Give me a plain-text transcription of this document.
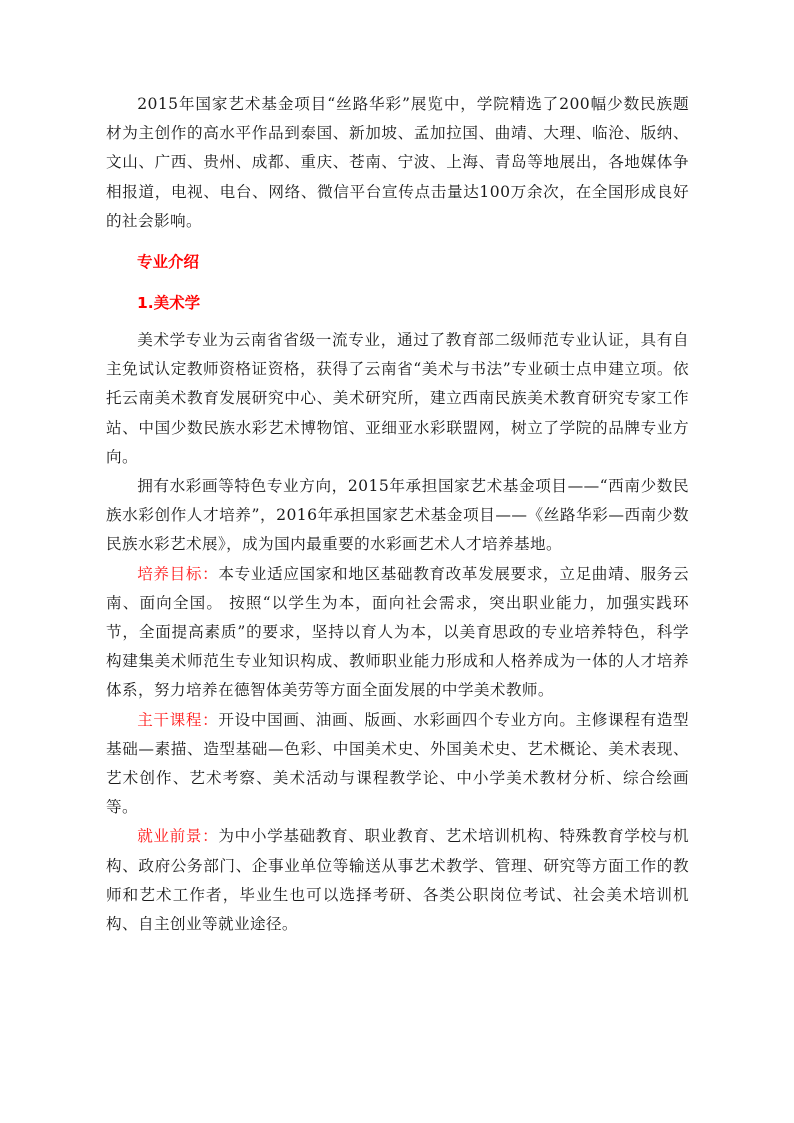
2015年国家艺术基金项目“丝路华彩”展览中，学院精选了200幅少数民族题材为主创作的高水平作品到泰国、新加坡、孟加拉国、曲靖、大理、临沧、版纳、文山、广西、贵州、成都、重庆、苍南、宁波、上海、青岛等地展出，各地媒体争相报道，电视、电台、网络、微信平台宣传点击量达100万余次，在全国形成良好的社会影响。

专业介绍
1.美术学

美术学专业为云南省省级一流专业，通过了教育部二级师范专业认证，具有自主免试认定教师资格证资格，获得了云南省“美术与书法”专业硕士点申建立项。依托云南美术教育发展研究中心、美术研究所，建立西南民族美术教育研究专家工作站、中国少数民族水彩艺术博物馆、亚细亚水彩联盟网，树立了学院的品牌专业方向。

拥有水彩画等特色专业方向，2015年承担国家艺术基金项目——“西南少数民族水彩创作人才培养”，2016年承担国家艺术基金项目——《丝路华彩—西南少数民族水彩艺术展》，成为国内最重要的水彩画艺术人才培养基地。

培养目标：本专业适应国家和地区基础教育改革发展要求，立足曲靖、服务云南、面向全国。 按照“以学生为本，面向社会需求，突出职业能力，加强实践环节，全面提高素质”的要求，坚持以育人为本，以美育思政的专业培养特色，科学构建集美术师范生专业知识构成、教师职业能力形成和人格养成为一体的人才培养体系，努力培养在德智体美劳等方面全面发展的中学美术教师。

主干课程：开设中国画、油画、版画、水彩画四个专业方向。主修课程有造型基础—素描、造型基础—色彩、中国美术史、外国美术史、艺术概论、美术表现、艺术创作、艺术考察、美术活动与课程教学论、中小学美术教材分析、综合绘画等。

就业前景：为中小学基础教育、职业教育、艺术培训机构、特殊教育学校与机构、政府公务部门、企事业单位等输送从事艺术教学、管理、研究等方面工作的教师和艺术工作者，毕业生也可以选择考研、各类公职岗位考试、社会美术培训机构、自主创业等就业途径。
